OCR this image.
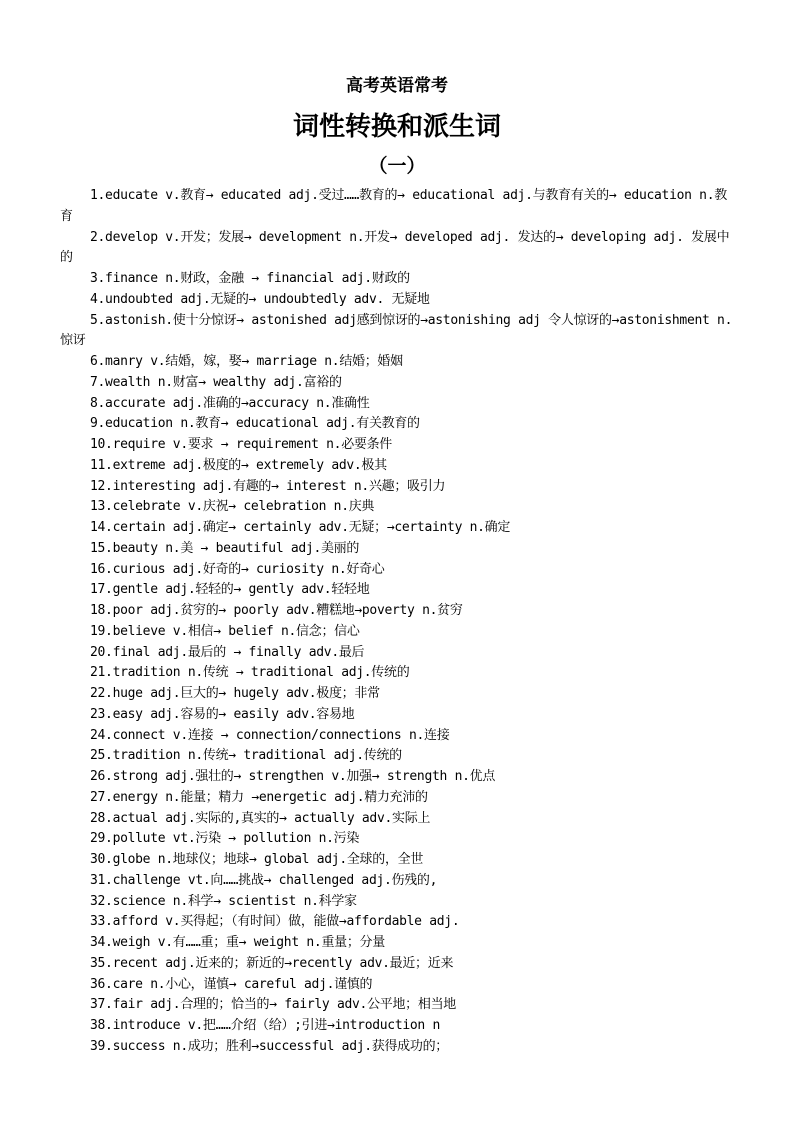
高考英语常考
词性转换和派生词
（一）
1.educate v.教育→ educated adj.受过……教育的→ educational adj.与教育有关的→ education n.教育
2.develop v.开发；发展→ development n.开发→ developed adj. 发达的→ developing adj. 发展中的
3.finance n.财政，金融 → financial adj.财政的
4.undoubted adj.无疑的→ undoubtedly adv. 无疑地
5.astonish.使十分惊讶→ astonished adj感到惊讶的→astonishing adj 令人惊讶的→astonishment n. 惊讶
6.manry v.结婚，嫁，娶→ marriage n.结婚；婚姻
7.wealth n.财富→ wealthy adj.富裕的
8.accurate adj.准确的→accuracy n.准确性
9.education n.教育→ educational adj.有关教育的
10.require v.要求 → requirement n.必要条件
11.extreme adj.极度的→ extremely adv.极其
12.interesting adj.有趣的→ interest n.兴趣；吸引力
13.celebrate v.庆祝→ celebration n.庆典
14.certain adj.确定→ certainly adv.无疑；→certainty n.确定
15.beauty n.美 → beautiful adj.美丽的
16.curious adj.好奇的→ curiosity n.好奇心
17.gentle adj.轻轻的→ gently adv.轻轻地
18.poor adj.贫穷的→ poorly adv.糟糕地→poverty n.贫穷
19.believe v.相信→ belief n.信念；信心
20.final adj.最后的 → finally adv.最后
21.tradition n.传统 → traditional adj.传统的
22.huge adj.巨大的→ hugely adv.极度；非常
23.easy adj.容易的→ easily adv.容易地
24.connect v.连接 → connection/connections n.连接
25.tradition n.传统→ traditional adj.传统的
26.strong adj.强壮的→ strengthen v.加强→ strength n.优点
27.energy n.能量；精力 →energetic adj.精力充沛的
28.actual adj.实际的,真实的→ actually adv.实际上
29.pollute vt.污染 → pollution n.污染
30.globe n.地球仪；地球→ global adj.全球的，全世
31.challenge vt.向……挑战→ challenged adj.伤残的,
32.science n.科学→ scientist n.科学家
33.afford v.买得起；（有时间）做，能做→affordable adj.
34.weigh v.有……重；重→ weight n.重量；分量
35.recent adj.近来的；新近的→recently adv.最近；近来
36.care n.小心，谨慎→ careful adj.谨慎的
37.fair adj.合理的；恰当的→ fairly adv.公平地；相当地
38.introduce v.把……介绍（给）;引进→introduction n
39.success n.成功；胜利→successful adj.获得成功的；
